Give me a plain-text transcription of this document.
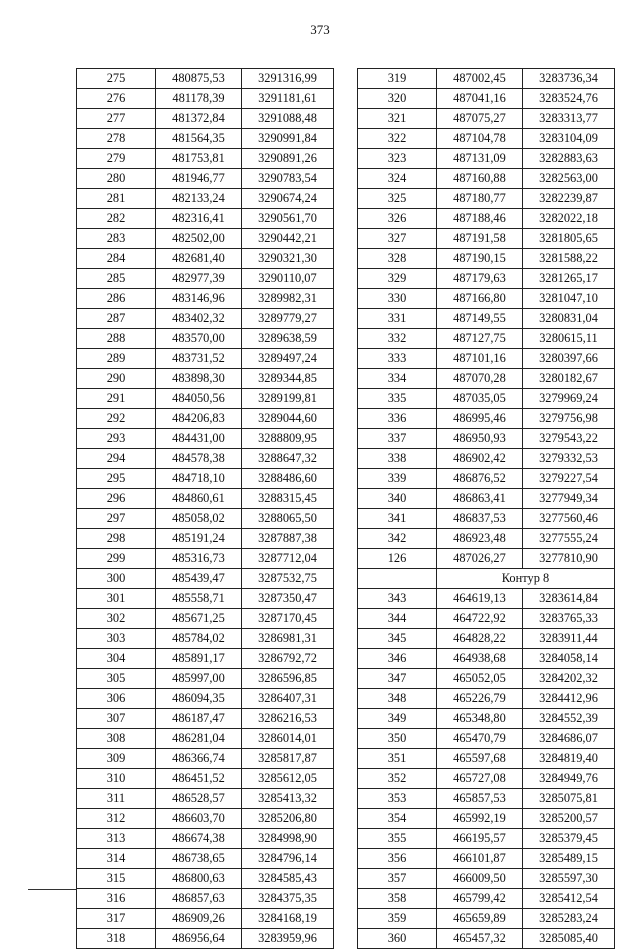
373
275	480875,53	3291316,99
276	481178,39	3291181,61
277	481372,84	3291088,48
278	481564,35	3290991,84
279	481753,81	3290891,26
280	481946,77	3290783,54
281	482133,24	3290674,24
282	482316,41	3290561,70
283	482502,00	3290442,21
284	482681,40	3290321,30
285	482977,39	3290110,07
286	483146,96	3289982,31
287	483402,32	3289779,27
288	483570,00	3289638,59
289	483731,52	3289497,24
290	483898,30	3289344,85
291	484050,56	3289199,81
292	484206,83	3289044,60
293	484431,00	3288809,95
294	484578,38	3288647,32
295	484718,10	3288486,60
296	484860,61	3288315,45
297	485058,02	3288065,50
298	485191,24	3287887,38
299	485316,73	3287712,04
300	485439,47	3287532,75
301	485558,71	3287350,47
302	485671,25	3287170,45
303	485784,02	3286981,31
304	485891,17	3286792,72
305	485997,00	3286596,85
306	486094,35	3286407,31
307	486187,47	3286216,53
308	486281,04	3286014,01
309	486366,74	3285817,87
310	486451,52	3285612,05
311	486528,57	3285413,32
312	486603,70	3285206,80
313	486674,38	3284998,90
314	486738,65	3284796,14
315	486800,63	3284585,43
316	486857,63	3284375,35
317	486909,26	3284168,19
318	486956,64	3283959,96
319	487002,45	3283736,34
320	487041,16	3283524,76
321	487075,27	3283313,77
322	487104,78	3283104,09
323	487131,09	3282883,63
324	487160,88	3282563,00
325	487180,77	3282239,87
326	487188,46	3282022,18
327	487191,58	3281805,65
328	487190,15	3281588,22
329	487179,63	3281265,17
330	487166,80	3281047,10
331	487149,55	3280831,04
332	487127,75	3280615,11
333	487101,16	3280397,66
334	487070,28	3280182,67
335	487035,05	3279969,24
336	486995,46	3279756,98
337	486950,93	3279543,22
338	486902,42	3279332,53
339	486876,52	3279227,54
340	486863,41	3277949,34
341	486837,53	3277560,46
342	486923,48	3277555,24
126	487026,27	3277810,90
	Контур 8	
343	464619,13	3283614,84
344	464722,92	3283765,33
345	464828,22	3283911,44
346	464938,68	3284058,14
347	465052,05	3284202,32
348	465226,79	3284412,96
349	465348,80	3284552,39
350	465470,79	3284686,07
351	465597,68	3284819,40
352	465727,08	3284949,76
353	465857,53	3285075,81
354	465992,19	3285200,57
355	466195,57	3285379,45
356	466101,87	3285489,15
357	466009,50	3285597,30
358	465799,42	3285412,54
359	465659,89	3285283,24
360	465457,32	3285085,40
